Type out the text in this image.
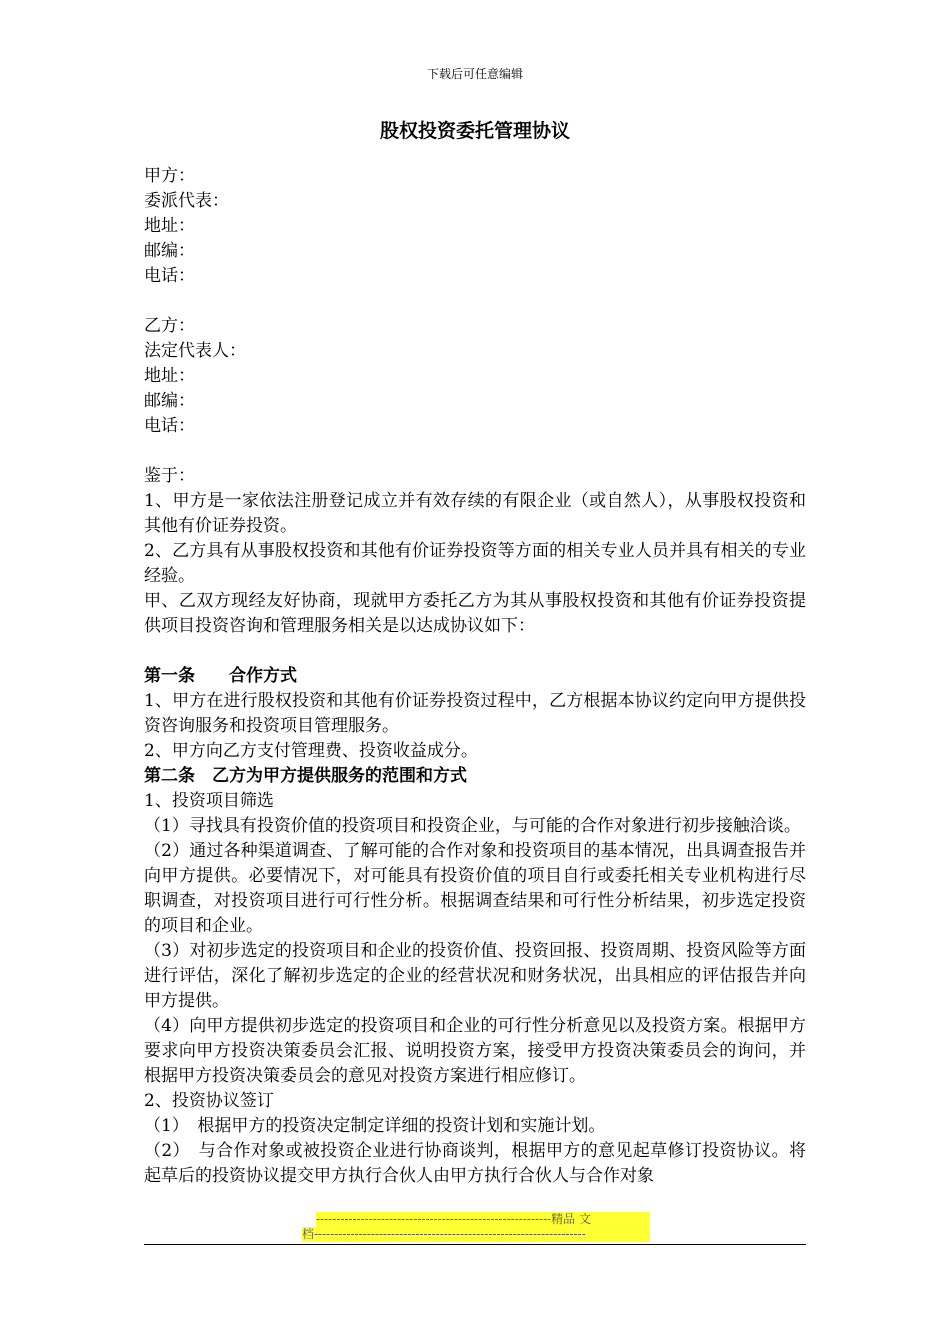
下载后可任意编辑
股权投资委托管理协议
甲方：
委派代表：
地址：
邮编：
电话：
乙方：
法定代表人：
地址：
邮编：
电话：
鉴于：
1、甲方是一家依法注册登记成立并有效存续的有限企业（或自然人），从事股权投资和其他有价证券投资。
2、乙方具有从事股权投资和其他有价证券投资等方面的相关专业人员并具有相关的专业经验。
甲、乙双方现经友好协商，现就甲方委托乙方为其从事股权投资和其他有价证券投资提供项目投资咨询和管理服务相关是以达成协议如下：
第一条　　合作方式
1、甲方在进行股权投资和其他有价证券投资过程中，乙方根据本协议约定向甲方提供投资咨询服务和投资项目管理服务。
2、甲方向乙方支付管理费、投资收益成分。
第二条　乙方为甲方提供服务的范围和方式
1、投资项目筛选
（1）寻找具有投资价值的投资项目和投资企业，与可能的合作对象进行初步接触洽谈。
（2）通过各种渠道调查、了解可能的合作对象和投资项目的基本情况，出具调查报告并向甲方提供。必要情况下，对可能具有投资价值的项目自行或委托相关专业机构进行尽职调查，对投资项目进行可行性分析。根据调查结果和可行性分析结果，初步选定投资的项目和企业。
（3）对初步选定的投资项目和企业的投资价值、投资回报、投资周期、投资风险等方面进行评估，深化了解初步选定的企业的经营状况和财务状况，出具相应的评估报告并向甲方提供。
（4）向甲方提供初步选定的投资项目和企业的可行性分析意见以及投资方案。根据甲方要求向甲方投资决策委员会汇报、说明投资方案，接受甲方投资决策委员会的询问，并根据甲方投资决策委员会的意见对投资方案进行相应修订。
2、投资协议签订
（1）　根据甲方的投资决定制定详细的投资计划和实施计划。
（2）　与合作对象或被投资企业进行协商谈判，根据甲方的意见起草修订投资协议。将起草后的投资协议提交甲方执行合伙人由甲方执行合伙人与合作对象
----------------------------------------------------------精品 文
档-------------------------------------------------------------------
